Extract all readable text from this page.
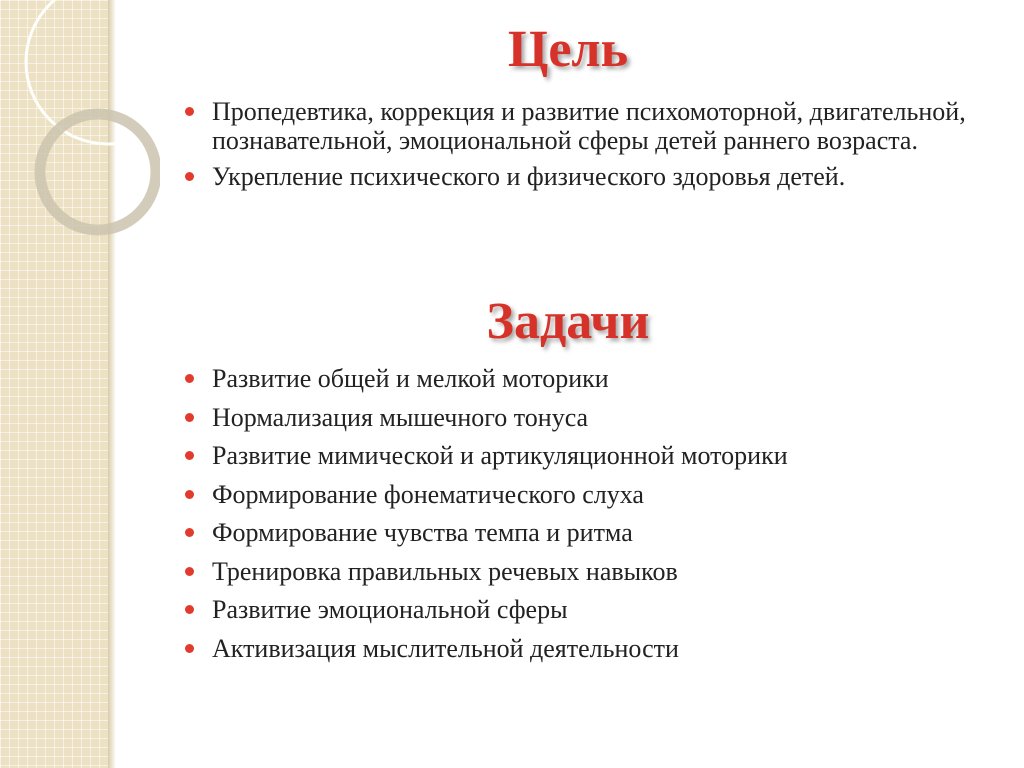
Цель
Пропедевтика, коррекция и развитие психомоторной, двигательной, познавательной, эмоциональной сферы детей раннего возраста.
Укрепление психического и физического здоровья детей.
Задачи
Развитие общей и мелкой моторики
Нормализация мышечного тонуса
Развитие мимической и артикуляционной моторики
Формирование фонематического слуха
Формирование чувства темпа и ритма
Тренировка правильных речевых навыков
Развитие эмоциональной сферы
Активизация мыслительной деятельности
